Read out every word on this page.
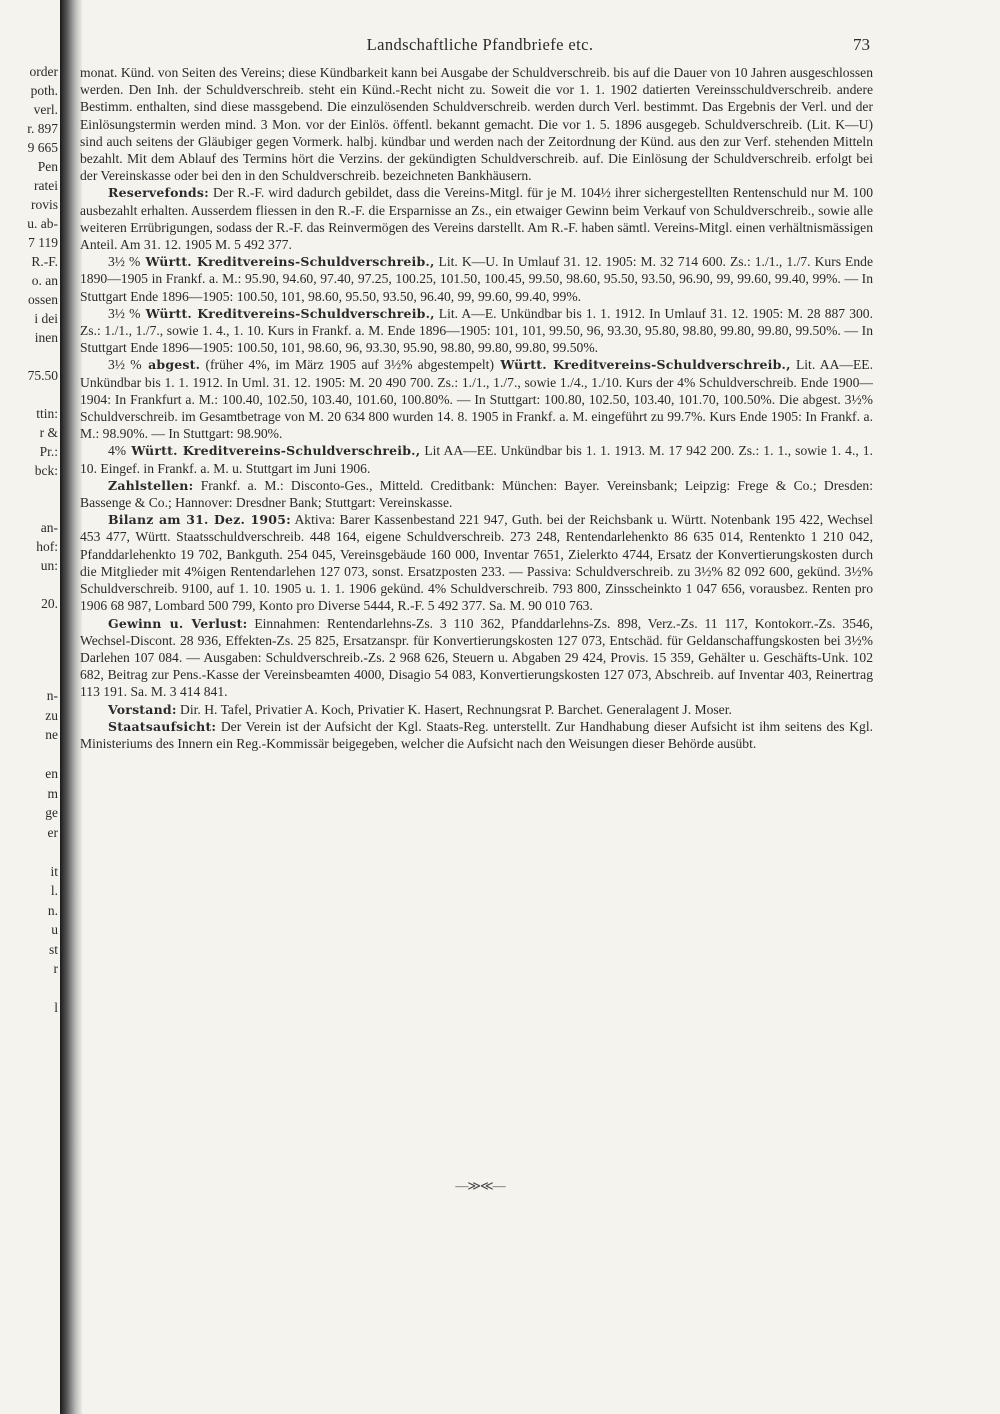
order
poth.
verl.
r. 897
9 665
Pen
ratei
rovis
u. ab-
7 119
R.-F.
o. an
ossen
i dei
inen

75.50

ttin:
r &
Pr.:
bck:

an-
hof:
un:

20.
n-
zu
ne

en
m
ge
er

it
l.
n.
u
st
r

l
Landschaftliche Pfandbriefe etc.	73

monat. Künd. von Seiten des Vereins; diese Kündbarkeit kann bei Ausgabe der Schuldverschreib. bis auf die Dauer von 10 Jahren ausgeschlossen werden. Den Inh. der Schuldverschreib. steht ein Künd.-Recht nicht zu. Soweit die vor 1. 1. 1902 datierten Vereinsschuldverschreib. andere Bestimm. enthalten, sind diese massgebend. Die einzulösenden Schuldverschreib. werden durch Verl. bestimmt. Das Ergebnis der Verl. und der Einlösungstermin werden mind. 3 Mon. vor der Einlös. öffentl. bekannt gemacht. Die vor 1. 5. 1896 ausgegeb. Schuldverschreib. (Lit. K—U) sind auch seitens der Gläubiger gegen Vormerk. halbj. kündbar und werden nach der Zeitordnung der Künd. aus den zur Verf. stehenden Mitteln bezahlt. Mit dem Ablauf des Termins hört die Verzins. der gekündigten Schuldverschreib. auf. Die Einlösung der Schuldverschreib. erfolgt bei der Vereinskasse oder bei den in den Schuldverschreib. bezeichneten Bankhäusern.

Reservefonds: Der R.-F. wird dadurch gebildet, dass die Vereins-Mitgl. für je M. 104½ ihrer sichergestellten Rentenschuld nur M. 100 ausbezahlt erhalten. Ausserdem fliessen in den R.-F. die Ersparnisse an Zs., ein etwaiger Gewinn beim Verkauf von Schuldverschreib., sowie alle weiteren Errübrigungen, sodass der R.-F. das Reinvermögen des Vereins darstellt. Am R.-F. haben sämtl. Vereins-Mitgl. einen verhältnismässigen Anteil. Am 31. 12. 1905 M. 5 492 377.

3½ % Württ. Kreditvereins-Schuldverschreib., Lit. K—U. In Umlauf 31. 12. 1905: M. 32 714 600. Zs.: 1./1., 1./7. Kurs Ende 1890—1905 in Frankf. a. M.: 95.90, 94.60, 97.40, 97.25, 100.25, 101.50, 100.45, 99.50, 98.60, 95.50, 93.50, 96.90, 99, 99.60, 99.40, 99%. — In Stuttgart Ende 1896—1905: 100.50, 101, 98.60, 95.50, 93.50, 96.40, 99, 99.60, 99.40, 99%.

3½ % Württ. Kreditvereins-Schuldverschreib., Lit. A—E. Unkündbar bis 1. 1. 1912. In Umlauf 31. 12. 1905: M. 28 887 300. Zs.: 1./1., 1./7., sowie 1. 4., 1. 10. Kurs in Frankf. a. M. Ende 1896—1905: 101, 101, 99.50, 96, 93.30, 95.80, 98.80, 99.80, 99.80, 99.50%. — In Stuttgart Ende 1896—1905: 100.50, 101, 98.60, 96, 93.30, 95.90, 98.80, 99.80, 99.80, 99.50%.

3½ % abgest. (früher 4%, im März 1905 auf 3½% abgestempelt) Württ. Kreditvereins-Schuldverschreib., Lit. AA—EE. Unkündbar bis 1. 1. 1912. In Uml. 31. 12. 1905: M. 20 490 700. Zs.: 1./1., 1./7., sowie 1./4., 1./10. Kurs der 4% Schuldverschreib. Ende 1900—1904: In Frankfurt a. M.: 100.40, 102.50, 103.40, 101.60, 100.80%. — In Stuttgart: 100.80, 102.50, 103.40, 101.70, 100.50%. Die abgest. 3½% Schuldverschreib. im Gesamtbetrage von M. 20 634 800 wurden 14. 8. 1905 in Frankf. a. M. eingeführt zu 99.7%. Kurs Ende 1905: In Frankf. a. M.: 98.90%. — In Stuttgart: 98.90%.

4% Württ. Kreditvereins-Schuldverschreib., Lit AA—EE. Unkündbar bis 1. 1. 1913. M. 17 942 200. Zs.: 1. 1., sowie 1. 4., 1. 10. Eingef. in Frankf. a. M. u. Stuttgart im Juni 1906.

Zahlstellen: Frankf. a. M.: Disconto-Ges., Mitteld. Creditbank: München: Bayer. Vereinsbank; Leipzig: Frege & Co.; Dresden: Bassenge & Co.; Hannover: Dresdner Bank; Stuttgart: Vereinskasse.

Bilanz am 31. Dez. 1905: Aktiva: Barer Kassenbestand 221 947, Guth. bei der Reichsbank u. Württ. Notenbank 195 422, Wechsel 453 477, Württ. Staatsschuldverschreib. 448 164, eigene Schuldverschreib. 273 248, Rentendarlehenkto 86 635 014, Rentenkto 1 210 042, Pfanddarlehenkto 19 702, Bankguth. 254 045, Vereinsgebäude 160 000, Inventar 7651, Zielerkto 4744, Ersatz der Konvertierungskosten durch die Mitglieder mit 4%igen Rentendarlehen 127 073, sonst. Ersatzposten 233. — Passiva: Schuldverschreib. zu 3½% 82 092 600, gekünd. 3½% Schuldverschreib. 9100, auf 1. 10. 1905 u. 1. 1. 1906 gekünd. 4% Schuldverschreib. 793 800, Zinsscheinkto 1 047 656, vorausbez. Renten pro 1906 68 987, Lombard 500 799, Konto pro Diverse 5444, R.-F. 5 492 377. Sa. M. 90 010 763.

Gewinn u. Verlust: Einnahmen: Rentendarlehns-Zs. 3 110 362, Pfanddarlehns-Zs. 898, Verz.-Zs. 11 117, Kontokorr.-Zs. 3546, Wechsel-Discont. 28 936, Effekten-Zs. 25 825, Ersatzanspr. für Konvertierungskosten 127 073, Entschäd. für Geldanschaffungskosten bei 3½% Darlehen 107 084. — Ausgaben: Schuldverschreib.-Zs. 2 968 626, Steuern u. Abgaben 29 424, Provis. 15 359, Gehälter u. Geschäfts-Unk. 102 682, Beitrag zur Pens.-Kasse der Vereinsbeamten 4000, Disagio 54 083, Konvertierungskosten 127 073, Abschreib. auf Inventar 403, Reinertrag 113 191. Sa. M. 3 414 841.

Vorstand: Dir. H. Tafel, Privatier A. Koch, Privatier K. Hasert, Rechnungsrat P. Barchet. Generalagent J. Moser.

Staatsaufsicht: Der Verein ist der Aufsicht der Kgl. Staats-Reg. unterstellt. Zur Handhabung dieser Aufsicht ist ihm seitens des Kgl. Ministeriums des Innern ein Reg.-Kommissär beigegeben, welcher die Aufsicht nach den Weisungen dieser Behörde ausübt.

—≫≪—
